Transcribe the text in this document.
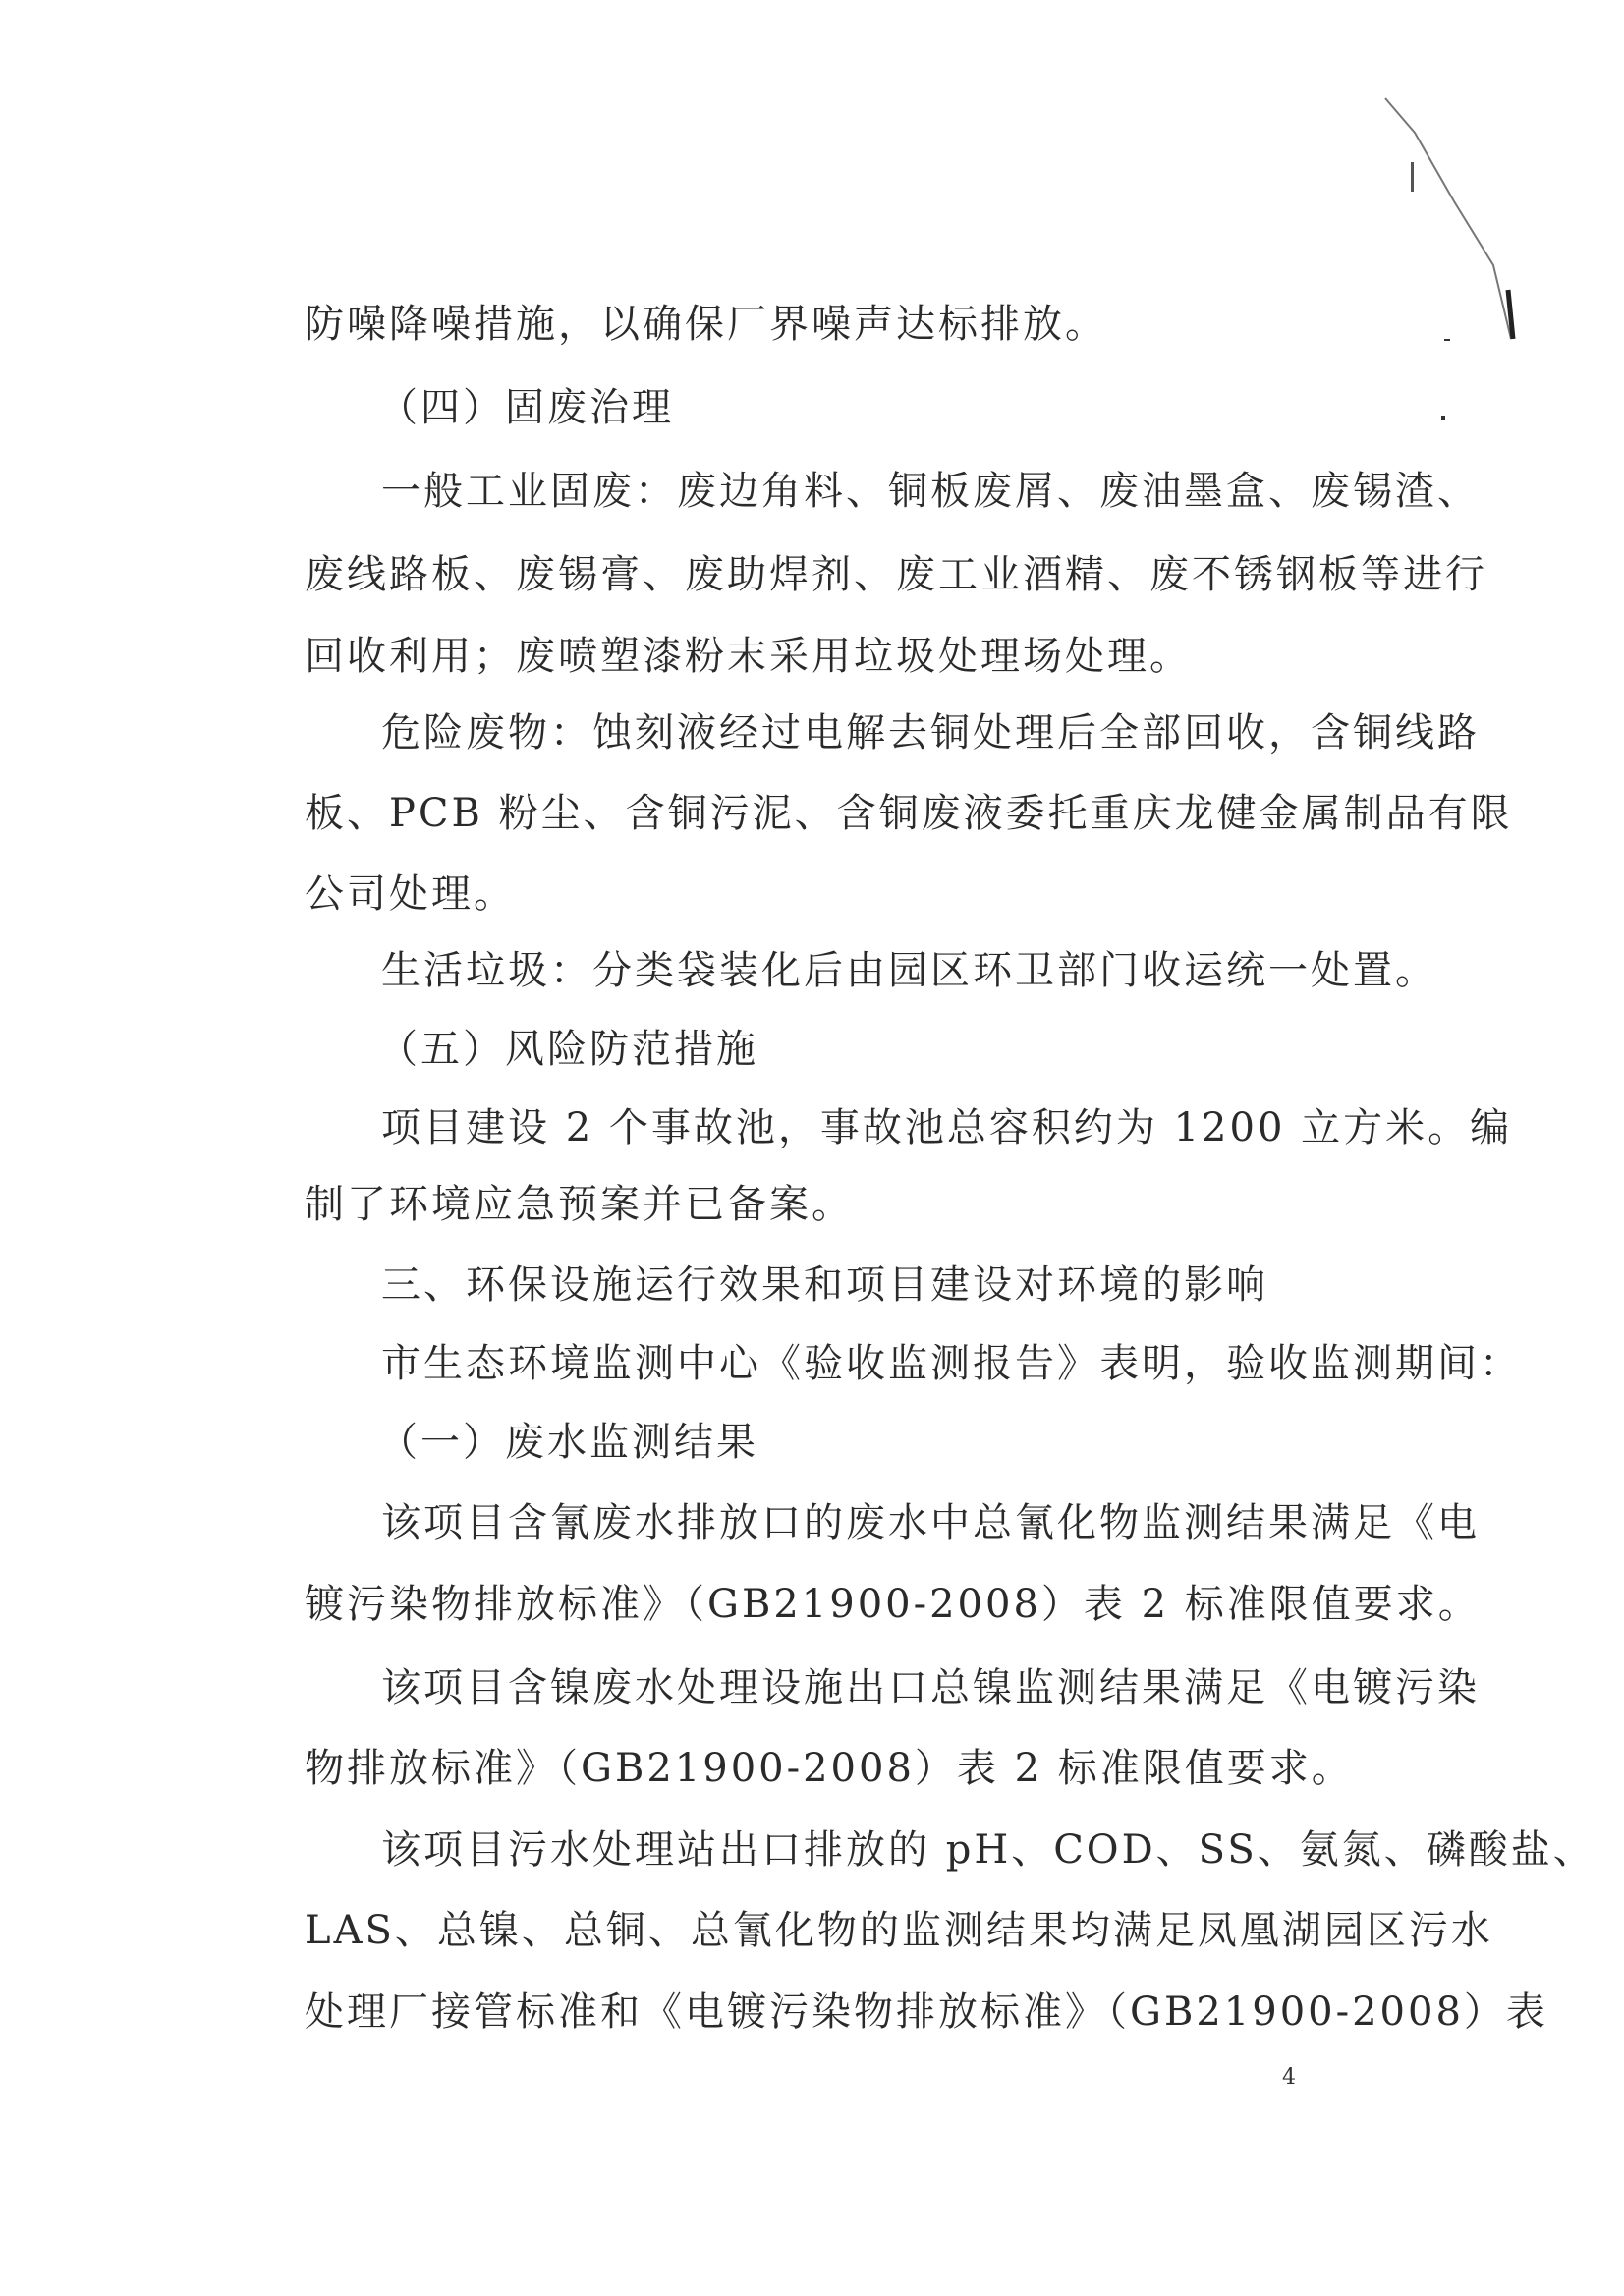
防噪降噪措施，以确保厂界噪声达标排放。
（四）固废治理
一般工业固废：废边角料、铜板废屑、废油墨盒、废锡渣、
废线路板、废锡膏、废助焊剂、废工业酒精、废不锈钢板等进行
回收利用；废喷塑漆粉末采用垃圾处理场处理。
危险废物：蚀刻液经过电解去铜处理后全部回收，含铜线路
板、PCB 粉尘、含铜污泥、含铜废液委托重庆龙健金属制品有限
公司处理。
生活垃圾：分类袋装化后由园区环卫部门收运统一处置。
（五）风险防范措施
项目建设 2 个事故池，事故池总容积约为 1200 立方米。编
制了环境应急预案并已备案。
三、环保设施运行效果和项目建设对环境的影响
市生态环境监测中心《验收监测报告》表明，验收监测期间：
（一）废水监测结果
该项目含氰废水排放口的废水中总氰化物监测结果满足《电
镀污染物排放标准》（GB21900-2008）表 2 标准限值要求。
该项目含镍废水处理设施出口总镍监测结果满足《电镀污染
物排放标准》（GB21900-2008）表 2 标准限值要求。
该项目污水处理站出口排放的 pH、COD、SS、氨氮、磷酸盐、
LAS、总镍、总铜、总氰化物的监测结果均满足凤凰湖园区污水
处理厂接管标准和《电镀污染物排放标准》（GB21900-2008）表
4
